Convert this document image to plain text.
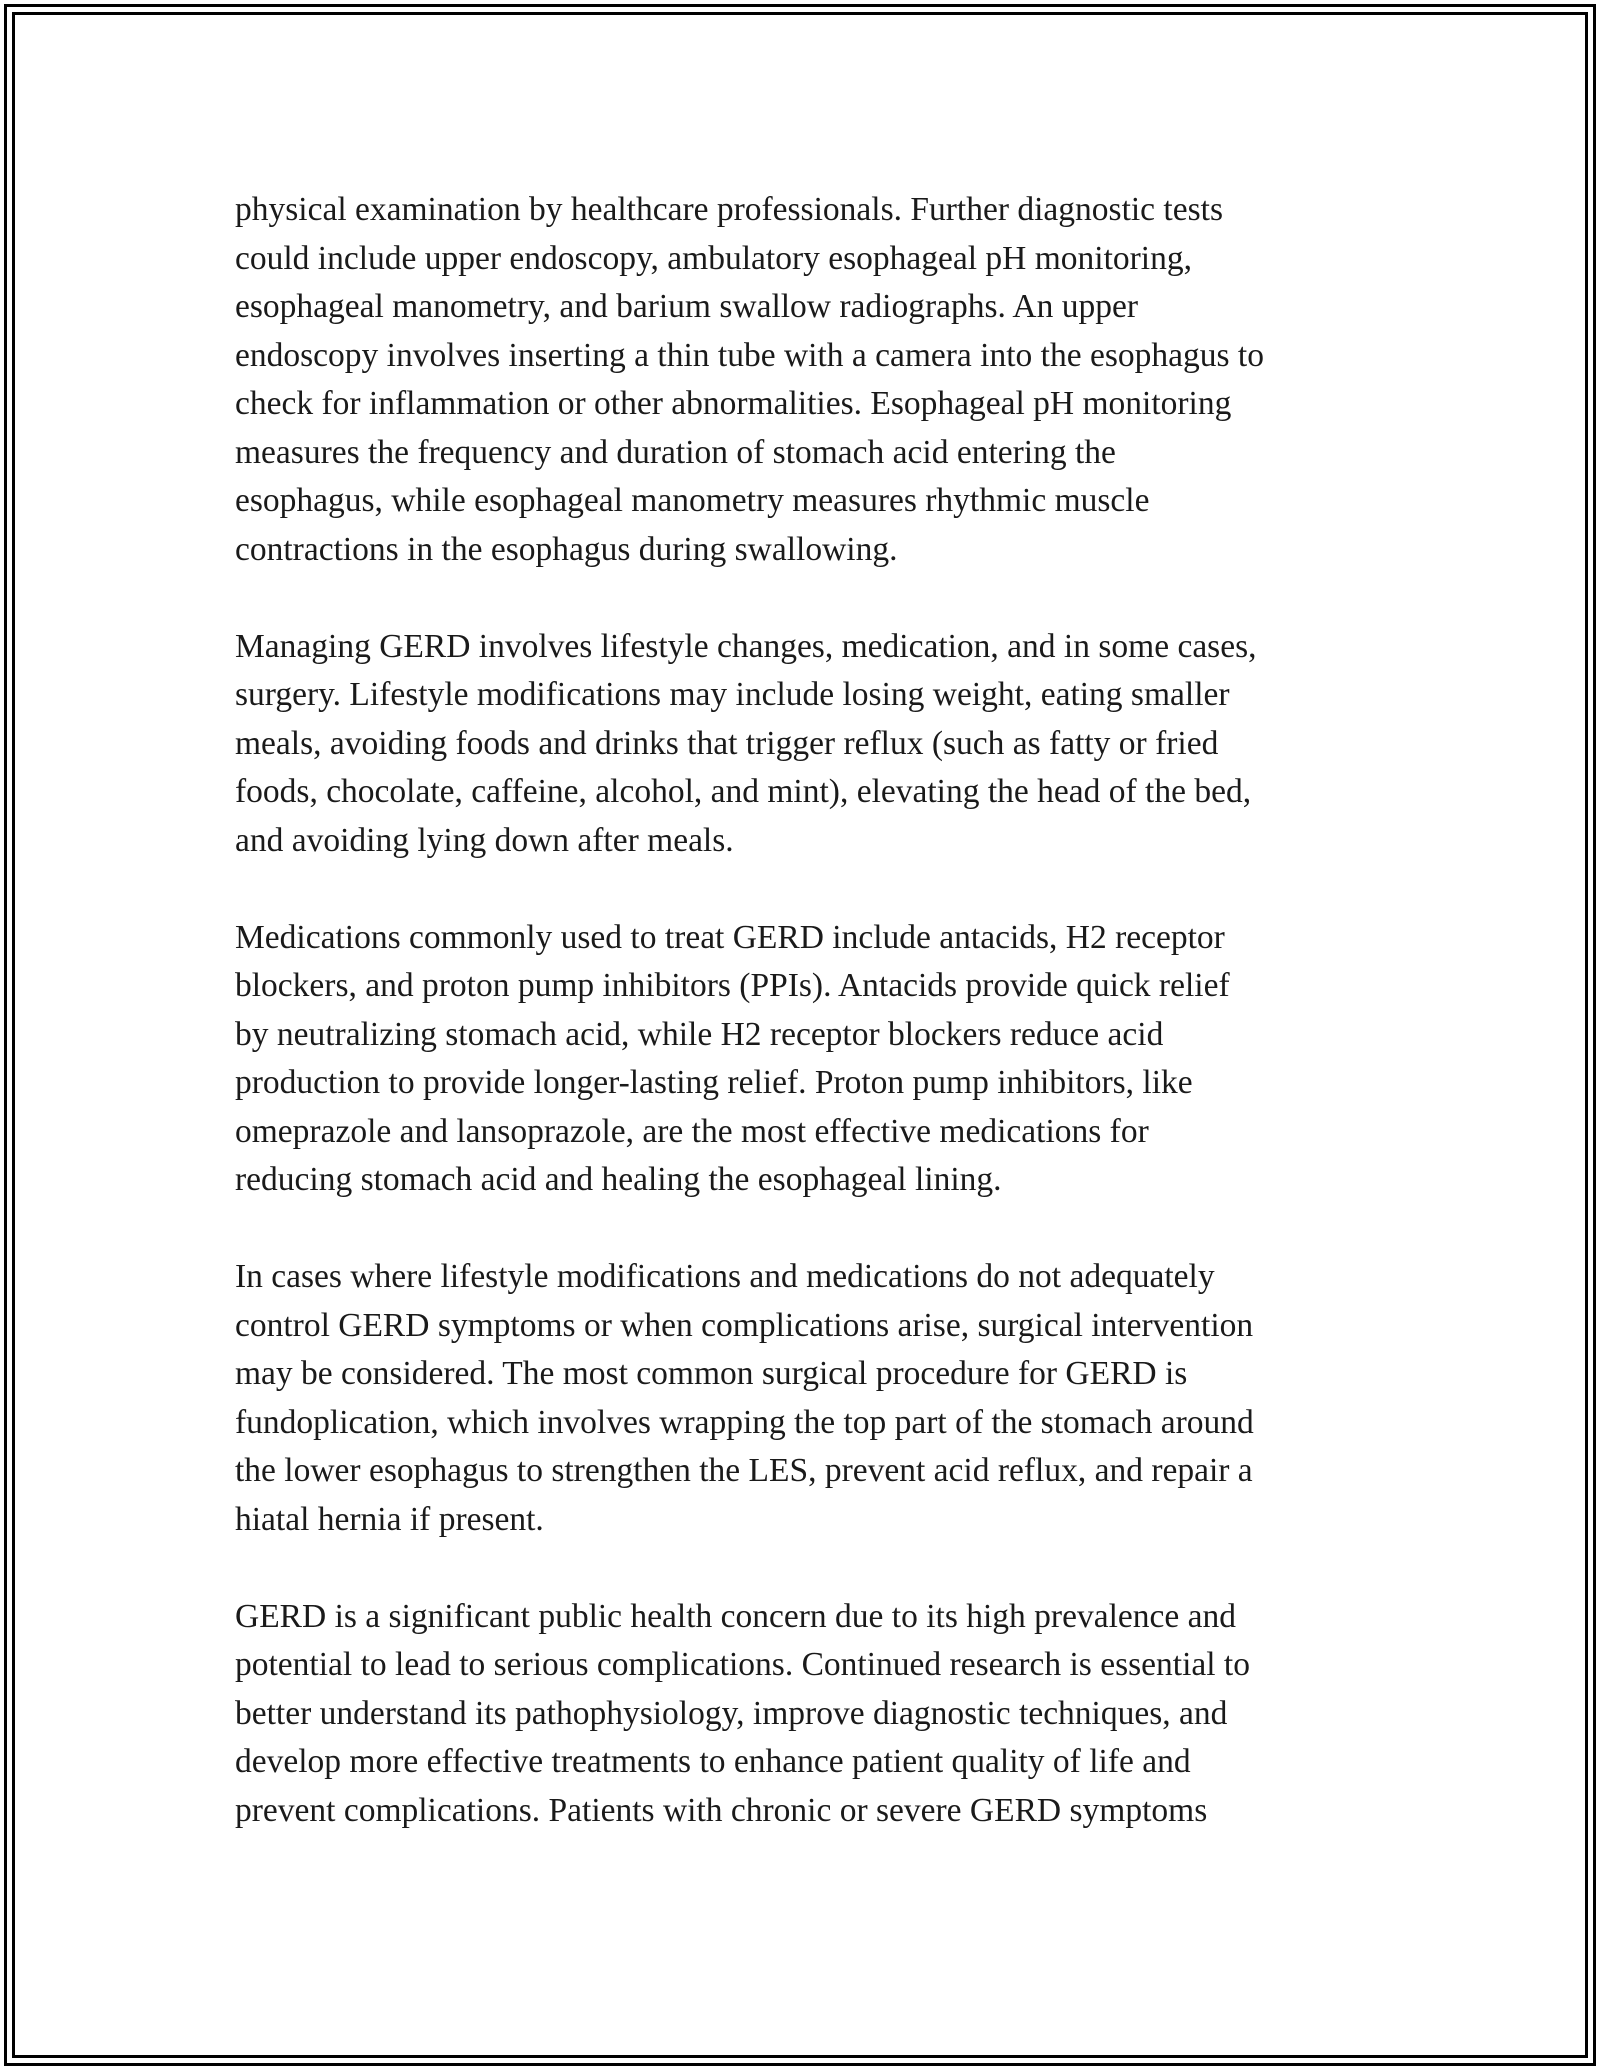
physical examination by healthcare professionals. Further diagnostic tests
could include upper endoscopy, ambulatory esophageal pH monitoring,
esophageal manometry, and barium swallow radiographs. An upper
endoscopy involves inserting a thin tube with a camera into the esophagus to
check for inflammation or other abnormalities. Esophageal pH monitoring
measures the frequency and duration of stomach acid entering the
esophagus, while esophageal manometry measures rhythmic muscle
contractions in the esophagus during swallowing.
Managing GERD involves lifestyle changes, medication, and in some cases,
surgery. Lifestyle modifications may include losing weight, eating smaller
meals, avoiding foods and drinks that trigger reflux (such as fatty or fried
foods, chocolate, caffeine, alcohol, and mint), elevating the head of the bed,
and avoiding lying down after meals.
Medications commonly used to treat GERD include antacids, H2 receptor
blockers, and proton pump inhibitors (PPIs). Antacids provide quick relief
by neutralizing stomach acid, while H2 receptor blockers reduce acid
production to provide longer-lasting relief. Proton pump inhibitors, like
omeprazole and lansoprazole, are the most effective medications for
reducing stomach acid and healing the esophageal lining.
In cases where lifestyle modifications and medications do not adequately
control GERD symptoms or when complications arise, surgical intervention
may be considered. The most common surgical procedure for GERD is
fundoplication, which involves wrapping the top part of the stomach around
the lower esophagus to strengthen the LES, prevent acid reflux, and repair a
hiatal hernia if present.
GERD is a significant public health concern due to its high prevalence and
potential to lead to serious complications. Continued research is essential to
better understand its pathophysiology, improve diagnostic techniques, and
develop more effective treatments to enhance patient quality of life and
prevent complications. Patients with chronic or severe GERD symptoms
